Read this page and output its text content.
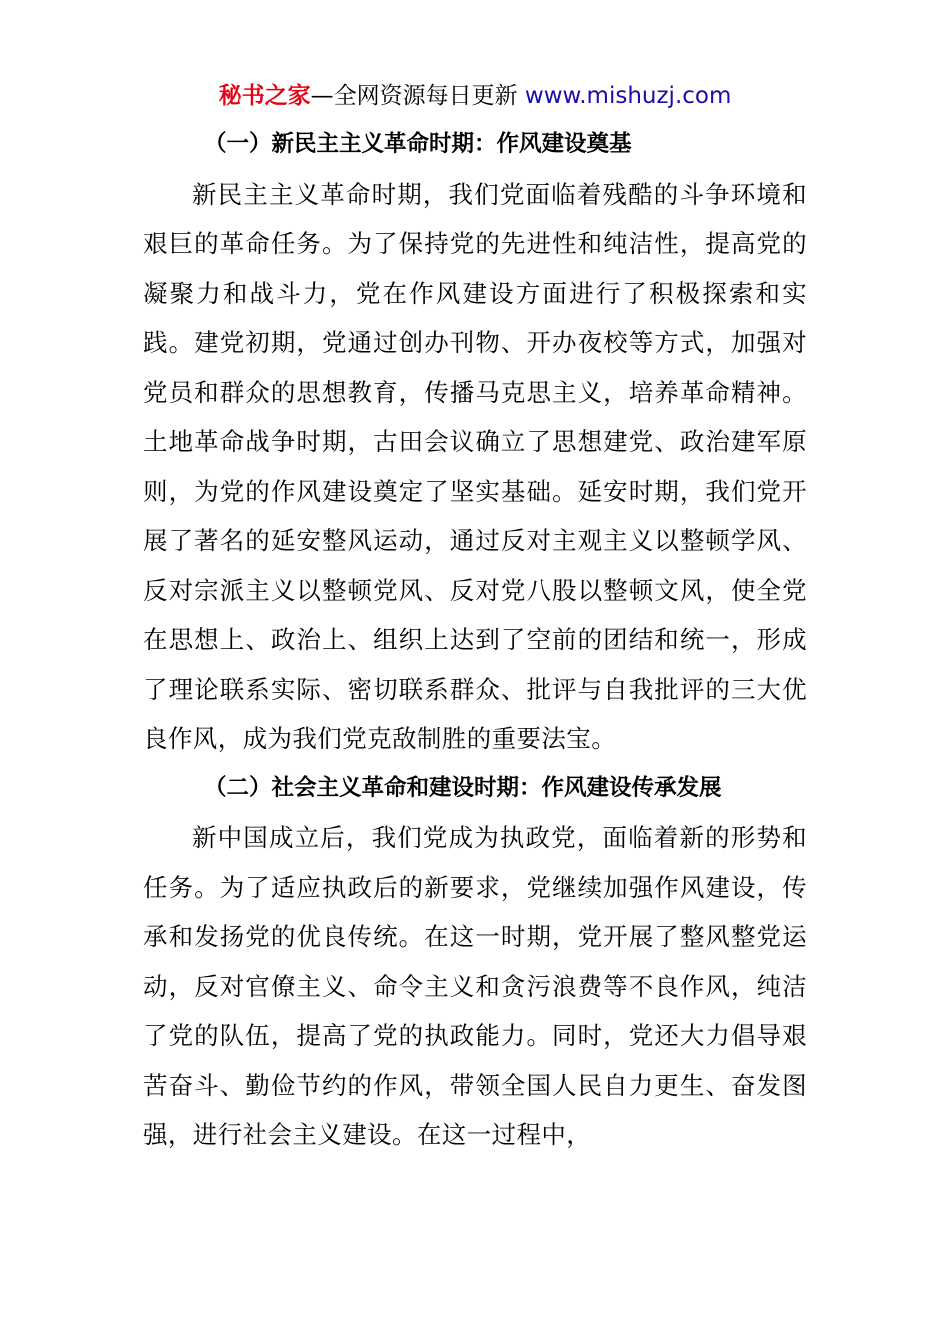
秘书之家—全网资源每日更新 www.mishuzj.com

（一）新民主主义革命时期：作风建设奠基

新民主主义革命时期，我们党面临着残酷的斗争环境和艰巨的革命任务。为了保持党的先进性和纯洁性，提高党的凝聚力和战斗力，党在作风建设方面进行了积极探索和实践。建党初期，党通过创办刊物、开办夜校等方式，加强对党员和群众的思想教育，传播马克思主义，培养革命精神。土地革命战争时期，古田会议确立了思想建党、政治建军原则，为党的作风建设奠定了坚实基础。延安时期，我们党开展了著名的延安整风运动，通过反对主观主义以整顿学风、反对宗派主义以整顿党风、反对党八股以整顿文风，使全党在思想上、政治上、组织上达到了空前的团结和统一，形成了理论联系实际、密切联系群众、批评与自我批评的三大优良作风，成为我们党克敌制胜的重要法宝。

（二）社会主义革命和建设时期：作风建设传承发展

新中国成立后，我们党成为执政党，面临着新的形势和任务。为了适应执政后的新要求，党继续加强作风建设，传承和发扬党的优良传统。在这一时期，党开展了整风整党运动，反对官僚主义、命令主义和贪污浪费等不良作风，纯洁了党的队伍，提高了党的执政能力。同时，党还大力倡导艰苦奋斗、勤俭节约的作风，带领全国人民自力更生、奋发图强，进行社会主义建设。在这一过程中，
